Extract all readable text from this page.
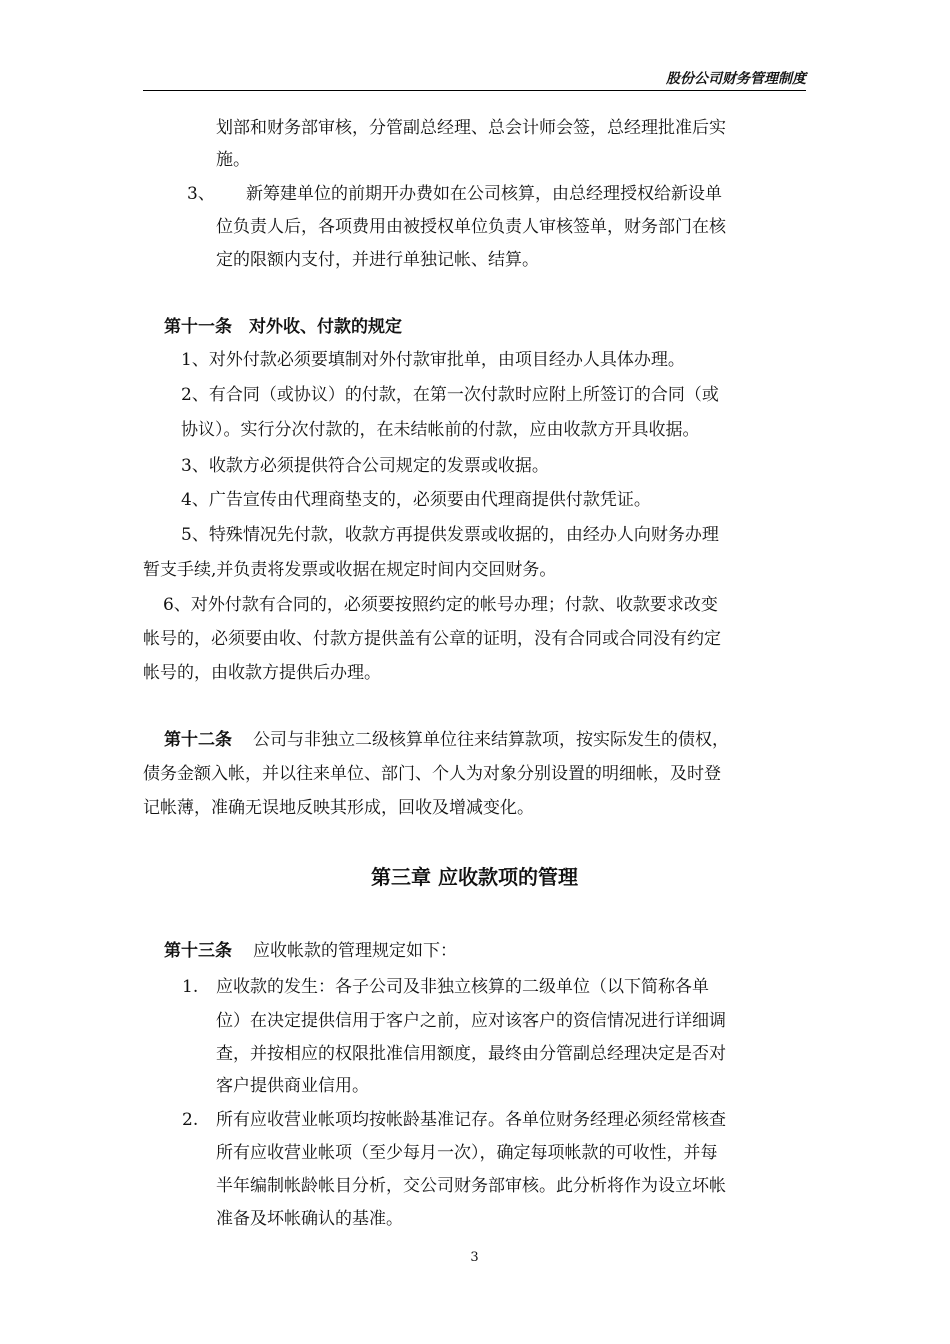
股份公司财务管理制度
划部和财务部审核，分管副总经理、总会计师会签，总经理批准后实
施。
3、 新筹建单位的前期开办费如在公司核算，由总经理授权给新设单
位负责人后，各项费用由被授权单位负责人审核签单，财务部门在核
定的限额内支付，并进行单独记帐、结算。
第十一条　对外收、付款的规定
1、对外付款必须要填制对外付款审批单，由项目经办人具体办理。
2、有合同（或协议）的付款，在第一次付款时应附上所签订的合同（或
协议）。实行分次付款的，在未结帐前的付款，应由收款方开具收据。
3、收款方必须提供符合公司规定的发票或收据。
4、广告宣传由代理商垫支的，必须要由代理商提供付款凭证。
5、特殊情况先付款，收款方再提供发票或收据的，由经办人向财务办理
暂支手续,并负责将发票或收据在规定时间内交回财务。
6、对外付款有合同的，必须要按照约定的帐号办理；付款、收款要求改变
帐号的，必须要由收、付款方提供盖有公章的证明，没有合同或合同没有约定
帐号的，由收款方提供后办理。
第十二条 公司与非独立二级核算单位往来结算款项，按实际发生的债权，
债务金额入帐，并以往来单位、部门、个人为对象分别设置的明细帐，及时登
记帐薄，准确无误地反映其形成，回收及增减变化。
第三章 应收款项的管理
第十三条 应收帐款的管理规定如下：
1. 应收款的发生：各子公司及非独立核算的二级单位（以下简称各单
位）在决定提供信用于客户之前，应对该客户的资信情况进行详细调
查，并按相应的权限批准信用额度，最终由分管副总经理决定是否对
客户提供商业信用。
2. 所有应收营业帐项均按帐龄基准记存。各单位财务经理必须经常核查
所有应收营业帐项（至少每月一次），确定每项帐款的可收性，并每
半年编制帐龄帐目分析，交公司财务部审核。此分析将作为设立坏帐
准备及坏帐确认的基准。
3
